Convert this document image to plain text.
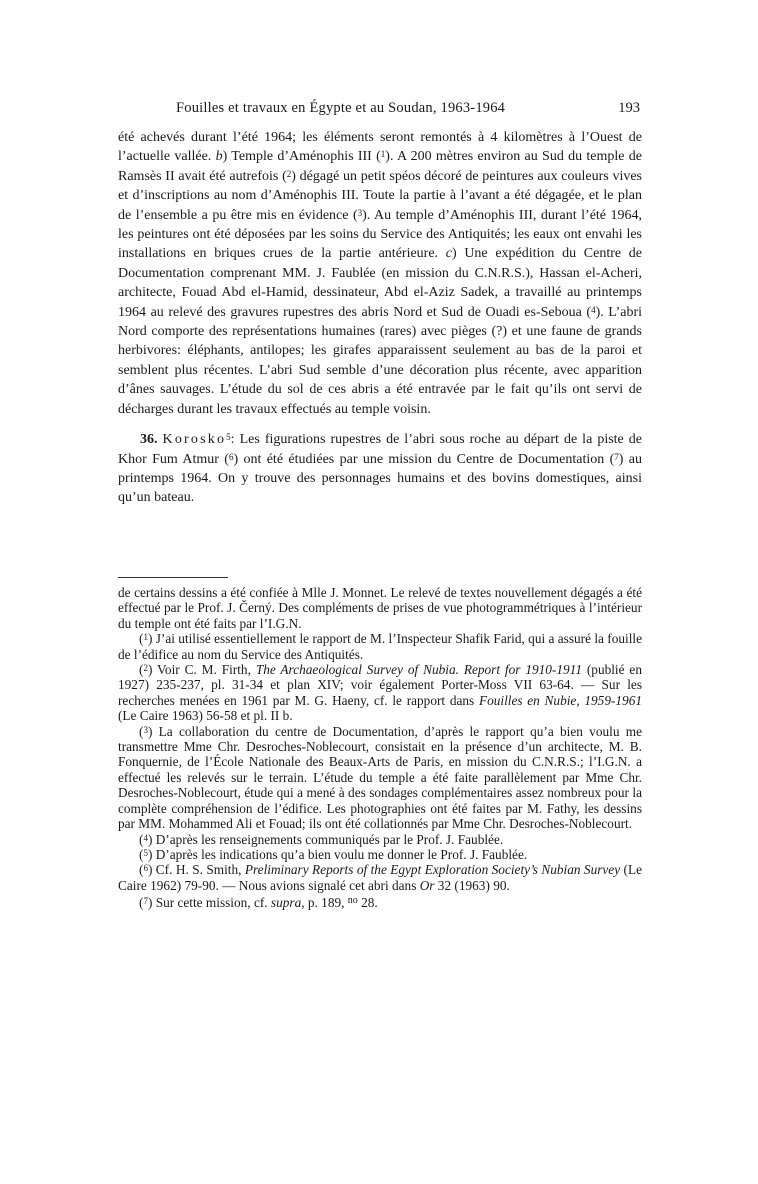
Fouilles et travaux en Égypte et au Soudan, 1963-1964	193

été achevés durant l’été 1964; les éléments seront remontés à 4 kilomètres à l’Ouest de l’actuelle vallée. b) Temple d’Aménophis III ($^1$). A 200 mètres environ au Sud du temple de Ramsès II avait été autrefois ($^2$) dégagé un petit spéos décoré de peintures aux couleurs vives et d’inscriptions au nom d’Aménophis III. Toute la partie à l’avant a été dégagée, et le plan de l’ensemble a pu être mis en évidence ($^3$). Au temple d’Aménophis III, durant l’été 1964, les peintures ont été déposées par les soins du Service des Antiquités; les eaux ont envahi les installations en briques crues de la partie antérieure. c) Une expédition du Centre de Documentation comprenant MM. J. Faublée (en mission du C.N.R.S.), Hassan el-Acheri, architecte, Fouad Abd el-Hamid, dessinateur, Abd el-Aziz Sadek, a travaillé au printemps 1964 au relevé des gravures rupestres des abris Nord et Sud de Ouadi es-Seboua ($^4$). L’abri Nord comporte des représentations humaines (rares) avec pièges (?) et une faune de grands herbivores: éléphants, antilopes; les girafes apparaissent seulement au bas de la paroi et semblent plus récentes. L’abri Sud semble d’une décoration plus récente, avec apparition d’ânes sauvages. L’étude du sol de ces abris a été entravée par le fait qu’ils ont servi de décharges durant les travaux effectués au temple voisin.

36. Korosko$^5$: Les figurations rupestres de l’abri sous roche au départ de la piste de Khor Fum Atmur ($^6$) ont été étudiées par une mission du Centre de Documentation ($^7$) au printemps 1964. On y trouve des personnages humains et des bovins domestiques, ainsi qu’un bateau.

de certains dessins a été confiée à Mlle J. Monnet. Le relevé de textes nouvellement dégagés a été effectué par le Prof. J. Černý. Des compléments de prises de vue photogrammétriques à l’intérieur du temple ont été faits par l’I.G.N.

($^1$) J’ai utilisé essentiellement le rapport de M. l’Inspecteur Shafik Farid, qui a assuré la fouille de l’édifice au nom du Service des Antiquités.

($^2$) Voir C. M. Firth, The Archaeological Survey of Nubia. Report for 1910-1911 (publié en 1927) 235-237, pl. 31-34 et plan XIV; voir également Porter-Moss VII 63-64. — Sur les recherches menées en 1961 par M. G. Haeny, cf. le rapport dans Fouilles en Nubie, 1959-1961 (Le Caire 1963) 56-58 et pl. II b.

($^3$) La collaboration du centre de Documentation, d’après le rapport qu’a bien voulu me transmettre Mme Chr. Desroches-Noblecourt, consistait en la présence d’un architecte, M. B. Fonquernie, de l’École Nationale des Beaux-Arts de Paris, en mission du C.N.R.S.; l’I.G.N. a effectué les relevés sur le terrain. L’étude du temple a été faite parallèlement par Mme Chr. Desroches-Noblecourt, étude qui a mené à des sondages complémentaires assez nombreux pour la complète compréhension de l’édifice. Les photographies ont été faites par M. Fathy, les dessins par MM. Mohammed Ali et Fouad; ils ont été collationnés par Mme Chr. Desroches-Noblecourt.

($^4$) D’après les renseignements communiqués par le Prof. J. Faublée.

($^5$) D’après les indications qu’a bien voulu me donner le Prof. J. Faublée.

($^6$) Cf. H. S. Smith, Preliminary Reports of the Egypt Exploration Society’s Nubian Survey (Le Caire 1962) 79-90. — Nous avions signalé cet abri dans Or 32 (1963) 90.

($^7$) Sur cette mission, cf. supra, p. 189, $^{no}$ 28.
